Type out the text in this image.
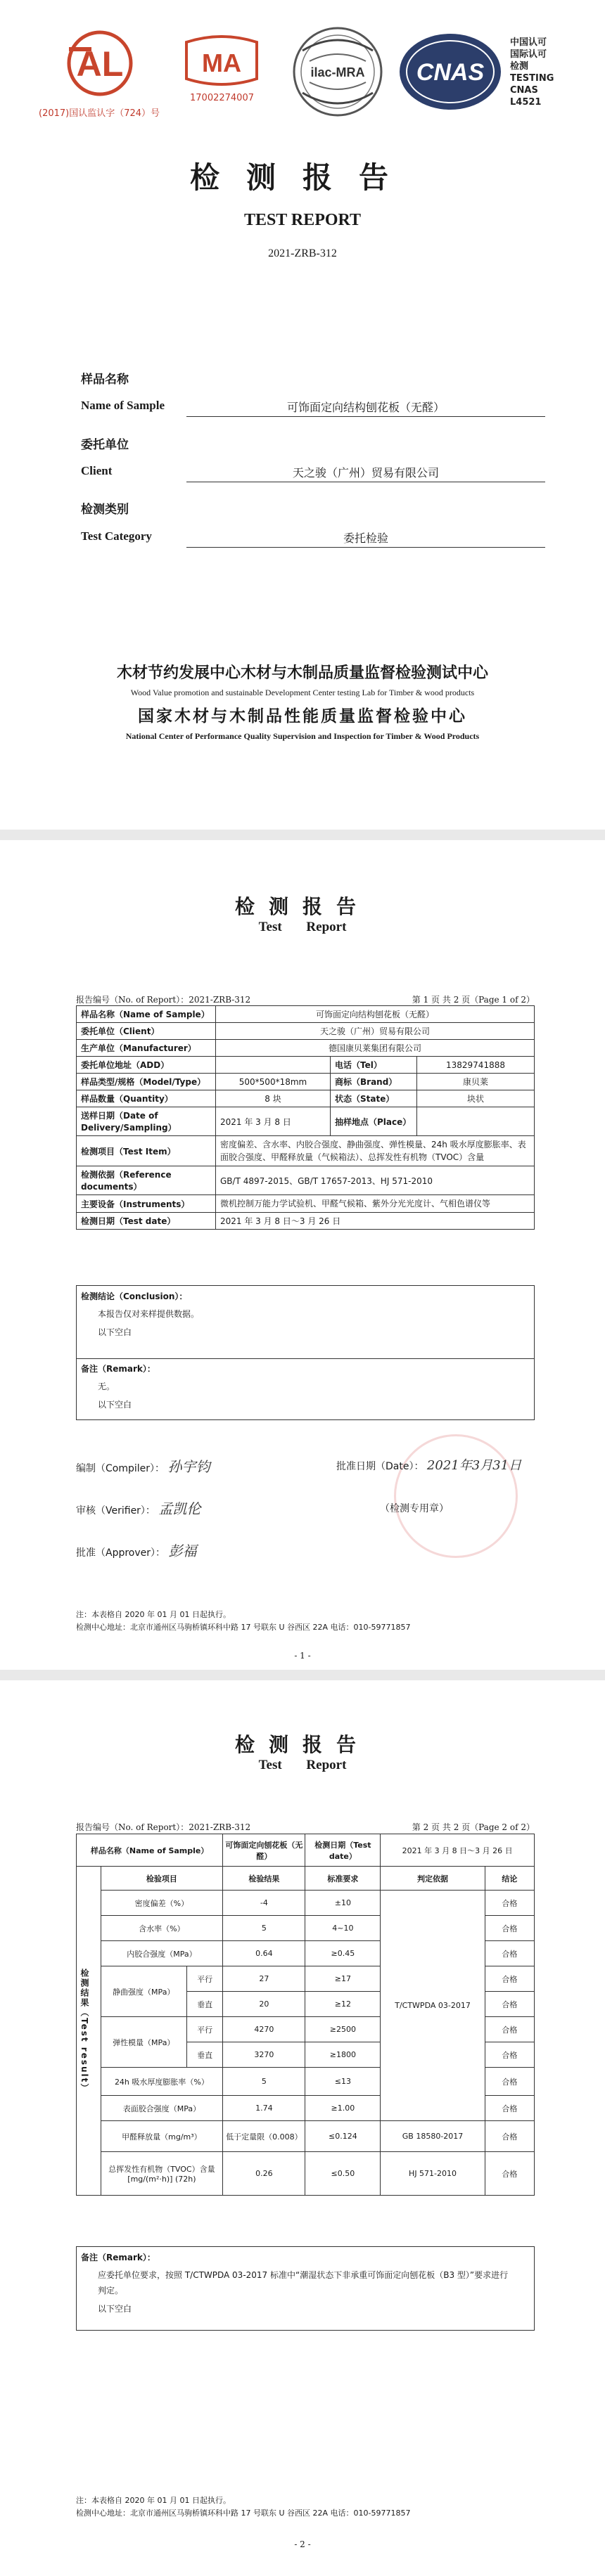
AL
(2017)国认监认字（724）号
MA
17002274007
ilac-MRA CNAS
中国认可
国际认可
检测
TESTING
CNAS L4521
检测报告
TEST REPORT
2021-ZRB-312
样品名称
Name of Sample	可饰面定向结构刨花板（无醛）
委托单位
Client	天之骏（广州）贸易有限公司
检测类别
Test Category	委托检验
木材节约发展中心木材与木制品质量监督检验测试中心
Wood Value promotion and sustainable Development Center testing Lab for Timber & wood products
国家木材与木制品性能质量监督检验中心
National Center of Performance Quality Supervision and Inspection for Timber & Wood Products
检测报告
Test Report
报告编号（No. of Report）：2021-ZRB-312	第 1 页 共 2 页（Page 1 of 2）
样品名称（Name of Sample）	可饰面定向结构刨花板（无醛）		
委托单位（Client）	天之骏（广州）贸易有限公司		
生产单位（Manufacturer）	德国康贝莱集团有限公司		
委托单位地址（ADD）		电话（Tel）	13829741888
样品类型/规格（Model/Type）	500*500*18mm	商标（Brand）	康贝莱
样品数量（Quantity）	8 块	状态（State）	块状
送样日期（Date of Delivery/Sampling）	2021 年 3 月 8 日	抽样地点（Place）	
检测项目（Test Item）	密度偏差、含水率、内胶合强度、静曲强度、弹性模量、24h 吸水厚度膨胀率、表面胶合强度、甲醛释放量（气候箱法）、总挥发性有机物（TVOC）含量		
检测依据（Reference documents）	GB/T 4897-2015、GB/T 17657-2013、HJ 571-2010		
主要设备（Instruments）	微机控制万能力学试验机、甲醛气候箱、紫外分光光度计、气相色谱仪等		
检测日期（Test date）	2021 年 3 月 8 日～3 月 26 日		
检测结论（Conclusion）：
本报告仅对来样提供数据。
以下空白
备注（Remark）：
无。
以下空白
编制（Compiler）： 孙宇钧
审核（Verifier）： 孟凯伦
批准（Approver）： 彭福
批准日期（Date）： 2021年3月31日
（检测专用章）
注：本表格自 2020 年 01 月 01 日起执行。
检测中心地址：北京市通州区马驹桥镇环科中路 17 号联东 U 谷西区 22A 电话：010-59771857
- 1 -
检测报告
Test Report
报告编号（No. of Report）：2021-ZRB-312	第 2 页 共 2 页（Page 2 of 2）
样品名称（Name of Sample）			可饰面定向刨花板（无醛）	检测日期（Test date）	2021 年 3 月 8 日～3 月 26 日	

检测结果（Test result）	检验项目		检验结果	标准要求	判定依据	结论
	密度偏差（%）		-4	±10	T/CTWPDA 03-2017	合格
	含水率（%）		5	4~10		合格
	内胶合强度（MPa）		0.64	≥0.45		合格
	静曲强度（MPa）	平行	27	≥17		合格
		垂直	20	≥12		合格
	弹性模量（MPa）	平行	4270	≥2500		合格
		垂直	3270	≥1800		合格
	24h 吸水厚度膨胀率（%）		5	≤13		合格
	表面胶合强度（MPa）		1.74	≥1.00		合格
	甲醛释放量（mg/m³）		低于定量限（0.008）	≤0.124	GB 18580-2017	合格
	总挥发性有机物（TVOC）含量 [mg/(m²·h)] (72h)		0.26	≤0.50	HJ 571-2010	合格
备注（Remark）：
应委托单位要求，按照 T/CTWPDA 03-2017 标准中“潮湿状态下非承重可饰面定向刨花板（B3 型）”要求进行判定。
以下空白
注：本表格自 2020 年 01 月 01 日起执行。
检测中心地址：北京市通州区马驹桥镇环科中路 17 号联东 U 谷西区 22A 电话：010-59771857
- 2 -
